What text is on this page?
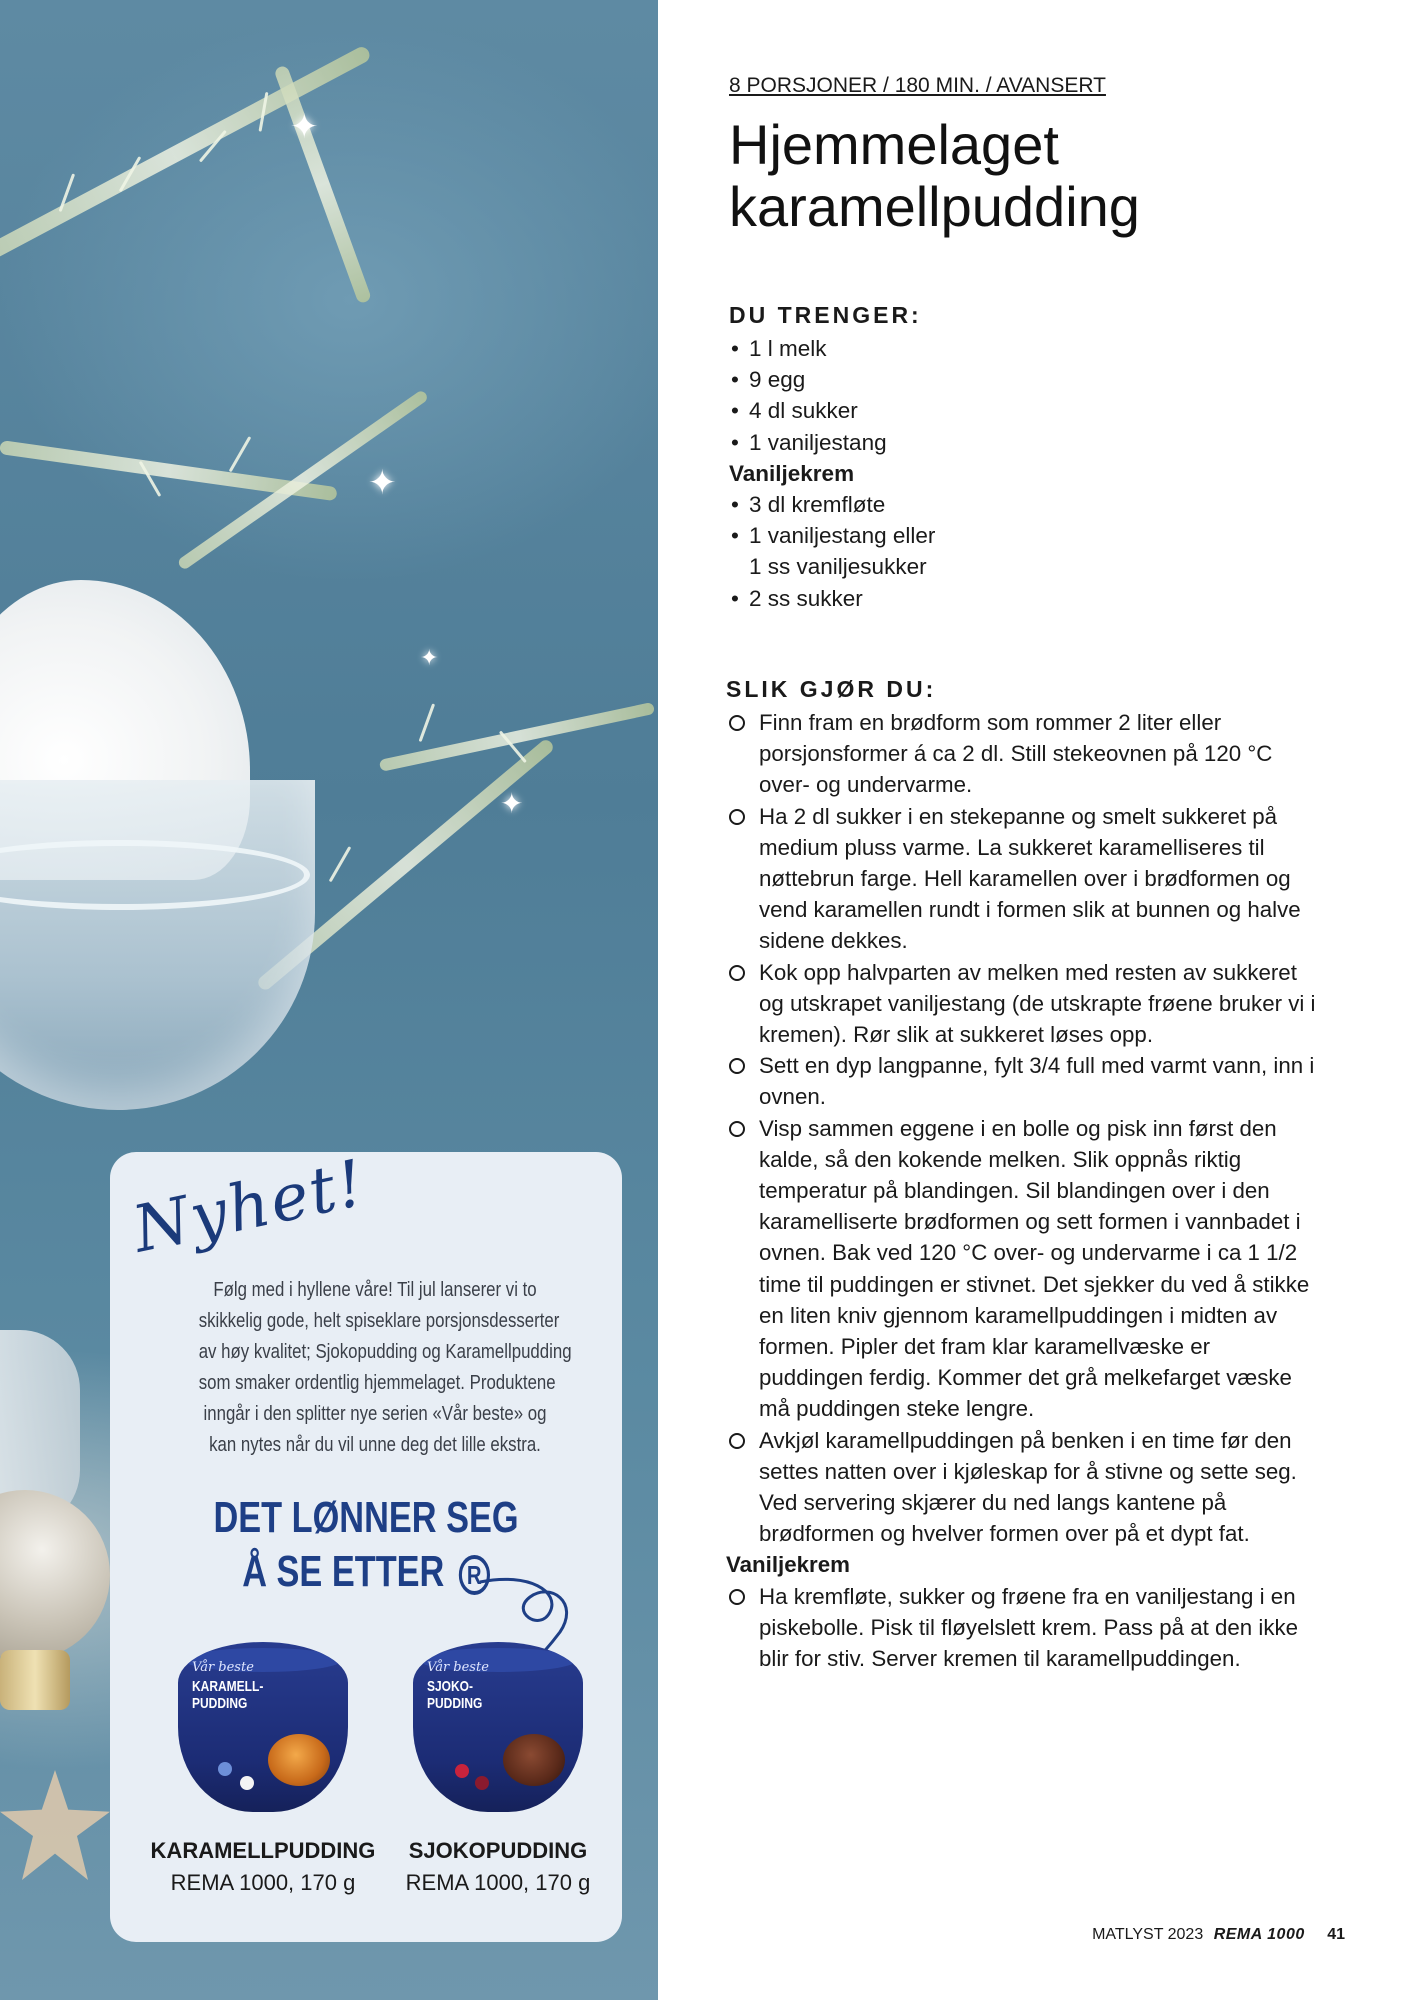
✦
✦
✦
✦
Nyhet!

Følg med i hyllene våre! Til jul lanserer vi to

skikkelig gode, helt spiseklare porsjonsdesserter

av høy kvalitet; Sjokopudding og Karamellpudding

som smaker ordentlig hjemmelaget. Produktene

inngår i den splitter nye serien «Vår beste» og

kan nytes når du vil unne deg det lille ekstra.

DET LØNNER SEG
Å SE ETTER R
Vår beste
KARAMELL-
PUDDING
KARAMELLPUDDING
REMA 1000, 170 g
Vår beste
SJOKO-
PUDDING
SJOKOPUDDING
REMA 1000, 170 g
8 PORSJONER / 180 MIN. / AVANSERT
Hjemmelaget
karamellpudding
DU TRENGER:
• 1 l melk
• 9 egg
• 4 dl sukker
• 1 vaniljestang
Vaniljekrem
• 3 dl kremfløte
• 1 vaniljestang eller
1 ss vaniljesukker
• 2 ss sukker
SLIK GJØR DU:
Finn fram en brødform som rommer 2 liter eller porsjonsformer á ca 2 dl. Still stekeovnen på 120 °C over- og undervarme.
Ha 2 dl sukker i en stekepanne og smelt sukkeret på medium pluss varme. La sukkeret karamelliseres til nøttebrun farge. Hell karamellen over i brødformen og vend karamellen rundt i formen slik at bunnen og halve sidene dekkes.
Kok opp halvparten av melken med resten av sukkeret og utskrapet vaniljestang (de utskrapte frøene bruker vi i kremen). Rør slik at sukkeret løses opp.
Sett en dyp langpanne, fylt 3/4 full med varmt vann, inn i ovnen.
Visp sammen eggene i en bolle og pisk inn først den kalde, så den kokende melken. Slik oppnås riktig temperatur på blandingen. Sil blandingen over i den karamelliserte brødformen og sett formen i vannbadet i ovnen. Bak ved 120 °C over- og undervarme i ca 1 1/2 time til puddingen er stivnet. Det sjekker du ved å stikke en liten kniv gjennom karamellpuddingen i midten av formen. Pipler det fram klar karamellvæske er puddingen ferdig. Kommer det grå melkefarget væske må puddingen steke lengre.
Avkjøl karamellpuddingen på benken i en time før den settes natten over i kjøleskap for å stivne og sette seg. Ved servering skjærer du ned langs kantene på brødformen og hvelver formen over på et dypt fat.
Vaniljekrem
Ha kremfløte, sukker og frøene fra en vaniljestang i en piskebolle. Pisk til fløyelslett krem. Pass på at den ikke blir for stiv. Server kremen til karamellpuddingen.
MATLYST 2023 REMA 1000 41
